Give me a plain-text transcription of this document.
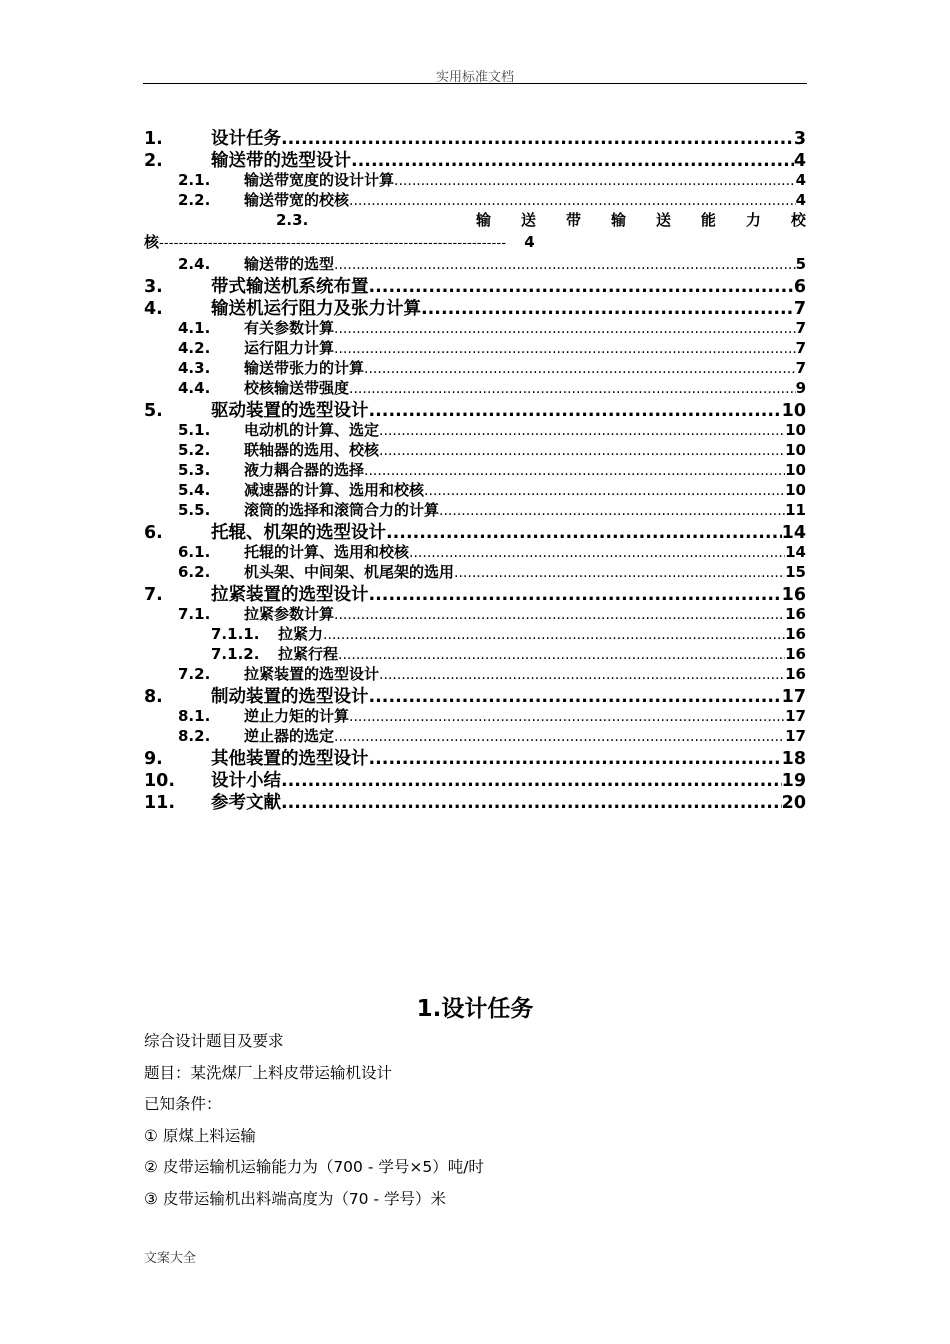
实用标准文档
1.	设计任务 .....	3
2.	输送带的选型设计 .....	4
2.1.	输送带宽度的设计计算 .....	4
2.2.	输送带宽的校核 .....	4
2.3.	输 送 带 输 送 能 力 校
核----------------------------------------------------------------------- 4
2.4.	输送带的选型 .....	5
3.	带式输送机系统布置 .....	6
4.	输送机运行阻力及张力计算 .....	7
4.1.	有关参数计算 .....	7
4.2.	运行阻力计算 .....	7
4.3.	输送带张力的计算 .....	7
4.4.	校核输送带强度 .....	9
5.	驱动装置的选型设计 .....	10
5.1.	电动机的计算、选定 .....	10
5.2.	联轴器的选用、校核 .....	10
5.3.	液力耦合器的选择 .....	10
5.4.	减速器的计算、选用和校核 .....	10
5.5.	滚筒的选择和滚筒合力的计算 .....	11
6.	托辊、机架的选型设计 .....	14
6.1.	托辊的计算、选用和校核 .....	14
6.2.	机头架、中间架、机尾架的选用 .....	15
7.	拉紧装置的选型设计 .....	16
7.1.	拉紧参数计算 .....	16
7.1.1.	拉紧力 .....	16
7.1.2.	拉紧行程 .....	16
7.2.	拉紧装置的选型设计 .....	16
8.	制动装置的选型设计 .....	17
8.1.	逆止力矩的计算 .....	17
8.2.	逆止器的选定 .....	17
9.	其他装置的选型设计 .....	18
10.	设计小结 .....	19
11.	参考文献 .....	20
1.设计任务

综合设计题目及要求

题目：某洗煤厂上料皮带运输机设计

已知条件：

① 原煤上料运输

② 皮带运输机运输能力为（700 - 学号×5）吨/时

③ 皮带运输机出料端高度为（70 - 学号）米

文案大全
